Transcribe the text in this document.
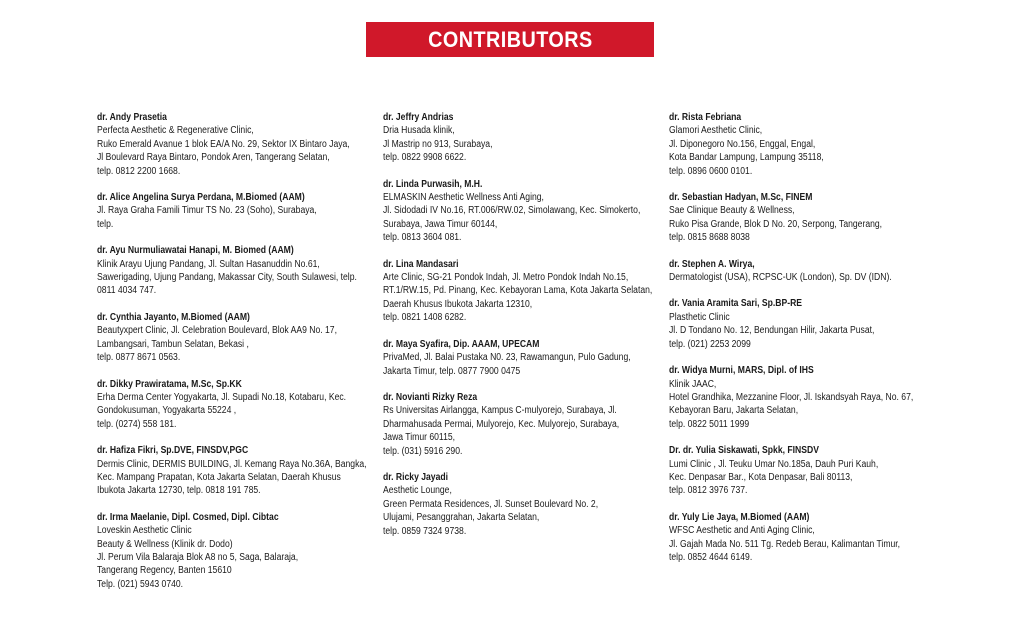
CONTRIBUTORS
dr. Andy Prasetia
Perfecta Aesthetic & Regenerative Clinic,
Ruko Emerald Avanue 1 blok EA/A No. 29, Sektor IX Bintaro Jaya,
Jl Boulevard Raya Bintaro, Pondok Aren, Tangerang Selatan,
telp. 0812 2200 1668.
dr. Alice Angelina Surya Perdana, M.Biomed (AAM)
Jl. Raya Graha Famili Timur TS No. 23 (Soho), Surabaya,
telp.
dr. Ayu Nurmuliawatai Hanapi, M. Biomed (AAM)
Klinik Arayu Ujung Pandang, Jl. Sultan Hasanuddin No.61,
Sawerigading, Ujung Pandang, Makassar City, South Sulawesi, telp.
0811 4034 747.
dr. Cynthia Jayanto, M.Biomed (AAM)
Beautyxpert Clinic, Jl. Celebration Boulevard, Blok AA9 No. 17,
Lambangsari, Tambun Selatan, Bekasi ,
telp. 0877 8671 0563.
dr. Dikky Prawiratama, M.Sc, Sp.KK
Erha Derma Center Yogyakarta, Jl. Supadi No.18, Kotabaru, Kec.
Gondokusuman, Yogyakarta 55224 ,
telp. (0274) 558 181.
dr. Hafiza Fikri, Sp.DVE, FINSDV,PGC
Dermis Clinic, DERMIS BUILDING, Jl. Kemang Raya No.36A, Bangka,
Kec. Mampang Prapatan, Kota Jakarta Selatan, Daerah Khusus
Ibukota Jakarta 12730, telp. 0818 191 785.
dr. Irma Maelanie, Dipl. Cosmed, Dipl. Cibtac
Loveskin Aesthetic Clinic
Beauty & Wellness (Klinik dr. Dodo)
Jl. Perum Vila Balaraja Blok A8 no 5, Saga, Balaraja,
Tangerang Regency, Banten 15610
Telp. (021) 5943 0740.
dr. Jeffry Andrias
Dria Husada klinik,
Jl Mastrip no 913, Surabaya,
telp. 0822 9908 6622.
dr. Linda Purwasih, M.H.
ELMASKIN Aesthetic Wellness Anti Aging,
Jl. Sidodadi IV No.16, RT.006/RW.02, Simolawang, Kec. Simokerto,
Surabaya, Jawa Timur 60144,
telp. 0813 3604 081.
dr. Lina Mandasari
Arte Clinic, SG-21 Pondok Indah, Jl. Metro Pondok Indah No.15,
RT.1/RW.15, Pd. Pinang, Kec. Kebayoran Lama, Kota Jakarta Selatan,
Daerah Khusus Ibukota Jakarta 12310,
telp. 0821 1408 6282.
dr. Maya Syafira, Dip. AAAM, UPECAM
PrivaMed, Jl. Balai Pustaka N0. 23, Rawamangun, Pulo Gadung,
Jakarta Timur, telp. 0877 7900 0475
dr. Novianti Rizky Reza
Rs Universitas Airlangga, Kampus C-mulyorejo, Surabaya, Jl.
Dharmahusada Permai, Mulyorejo, Kec. Mulyorejo, Surabaya,
Jawa Timur 60115,
telp. (031) 5916 290.
dr. Ricky Jayadi
Aesthetic Lounge,
Green Permata Residences, Jl. Sunset Boulevard No. 2,
Ulujami, Pesanggrahan, Jakarta Selatan,
telp. 0859 7324 9738.
dr. Rista Febriana
Glamori Aesthetic Clinic,
Jl. Diponegoro No.156, Enggal, Engal,
Kota Bandar Lampung, Lampung 35118,
telp. 0896 0600 0101.
dr. Sebastian Hadyan, M.Sc, FINEM
Sae Clinique Beauty & Wellness,
Ruko Pisa Grande, Blok D No. 20, Serpong, Tangerang,
telp. 0815 8688 8038
dr. Stephen A. Wirya,
Dermatologist (USA), RCPSC-UK (London), Sp. DV (IDN).
dr. Vania Aramita Sari, Sp.BP-RE
Plasthetic Clinic
Jl. D Tondano No. 12, Bendungan Hilir, Jakarta Pusat,
telp. (021) 2253 2099
dr. Widya Murni, MARS, Dipl. of IHS
Klinik JAAC,
Hotel Grandhika, Mezzanine Floor, Jl. Iskandsyah Raya, No. 67,
Kebayoran Baru, Jakarta Selatan,
telp. 0822 5011 1999
Dr. dr. Yulia Siskawati, Spkk, FINSDV
Lumi Clinic , Jl. Teuku Umar No.185a, Dauh Puri Kauh,
Kec. Denpasar Bar., Kota Denpasar, Bali 80113,
telp. 0812 3976 737.
dr. Yuly Lie Jaya, M.Biomed (AAM)
WFSC Aesthetic and Anti Aging Clinic,
Jl. Gajah Mada No. 511 Tg. Redeb Berau, Kalimantan Timur,
telp. 0852 4644 6149.
